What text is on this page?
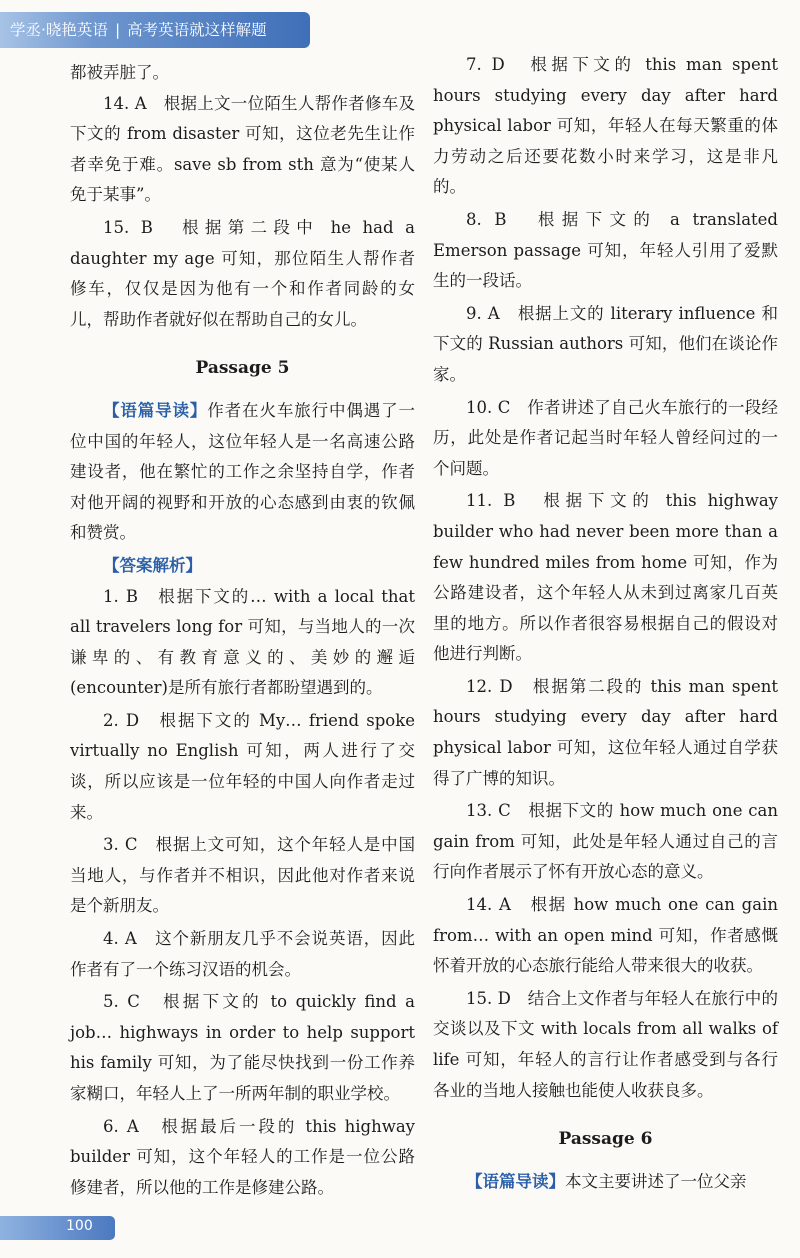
学丞·晓艳英语 | 高考英语就这样解题

都被弄脏了。

14. A　根据上文一位陌生人帮作者修车及下文的 from disaster 可知，这位老先生让作者幸免于难。save sb from sth 意为“使某人免于某事”。

15. B　根据第二段中 he had a daughter my age 可知，那位陌生人帮作者修车，仅仅是因为他有一个和作者同龄的女儿，帮助作者就好似在帮助自己的女儿。

Passage 5

【语篇导读】作者在火车旅行中偶遇了一位中国的年轻人，这位年轻人是一名高速公路建设者，他在繁忙的工作之余坚持自学，作者对他开阔的视野和开放的心态感到由衷的钦佩和赞赏。

【答案解析】

1. B　根据下文的… with a local that all travelers long for 可知，与当地人的一次谦卑的、有教育意义的、美妙的邂逅(encounter)是所有旅行者都盼望遇到的。

2. D　根据下文的 My… friend spoke virtually no English 可知，两人进行了交谈，所以应该是一位年轻的中国人向作者走过来。

3. C　根据上文可知，这个年轻人是中国当地人，与作者并不相识，因此他对作者来说是个新朋友。

4. A　这个新朋友几乎不会说英语，因此作者有了一个练习汉语的机会。

5. C　根据下文的 to quickly find a job… highways in order to help support his family 可知，为了能尽快找到一份工作养家糊口，年轻人上了一所两年制的职业学校。

6. A　根据最后一段的 this highway builder 可知，这个年轻人的工作是一位公路修建者，所以他的工作是修建公路。

7. D　根据下文的 this man spent hours studying every day after hard physical labor 可知，年轻人在每天繁重的体力劳动之后还要花数小时来学习，这是非凡的。

8. B　根据下文的 a translated Emerson passage 可知，年轻人引用了爱默生的一段话。

9. A　根据上文的 literary influence 和下文的 Russian authors 可知，他们在谈论作家。

10. C　作者讲述了自己火车旅行的一段经历，此处是作者记起当时年轻人曾经问过的一个问题。

11. B　根据下文的 this highway builder who had never been more than a few hundred miles from home 可知，作为公路建设者，这个年轻人从未到过离家几百英里的地方。所以作者很容易根据自己的假设对他进行判断。

12. D　根据第二段的 this man spent hours studying every day after hard physical labor 可知，这位年轻人通过自学获得了广博的知识。

13. C　根据下文的 how much one can gain from 可知，此处是年轻人通过自己的言行向作者展示了怀有开放心态的意义。

14. A　根据 how much one can gain from… with an open mind 可知，作者感慨怀着开放的心态旅行能给人带来很大的收获。

15. D　结合上文作者与年轻人在旅行中的交谈以及下文 with locals from all walks of life 可知，年轻人的言行让作者感受到与各行各业的当地人接触也能使人收获良多。

Passage 6

【语篇导读】本文主要讲述了一位父亲

100
